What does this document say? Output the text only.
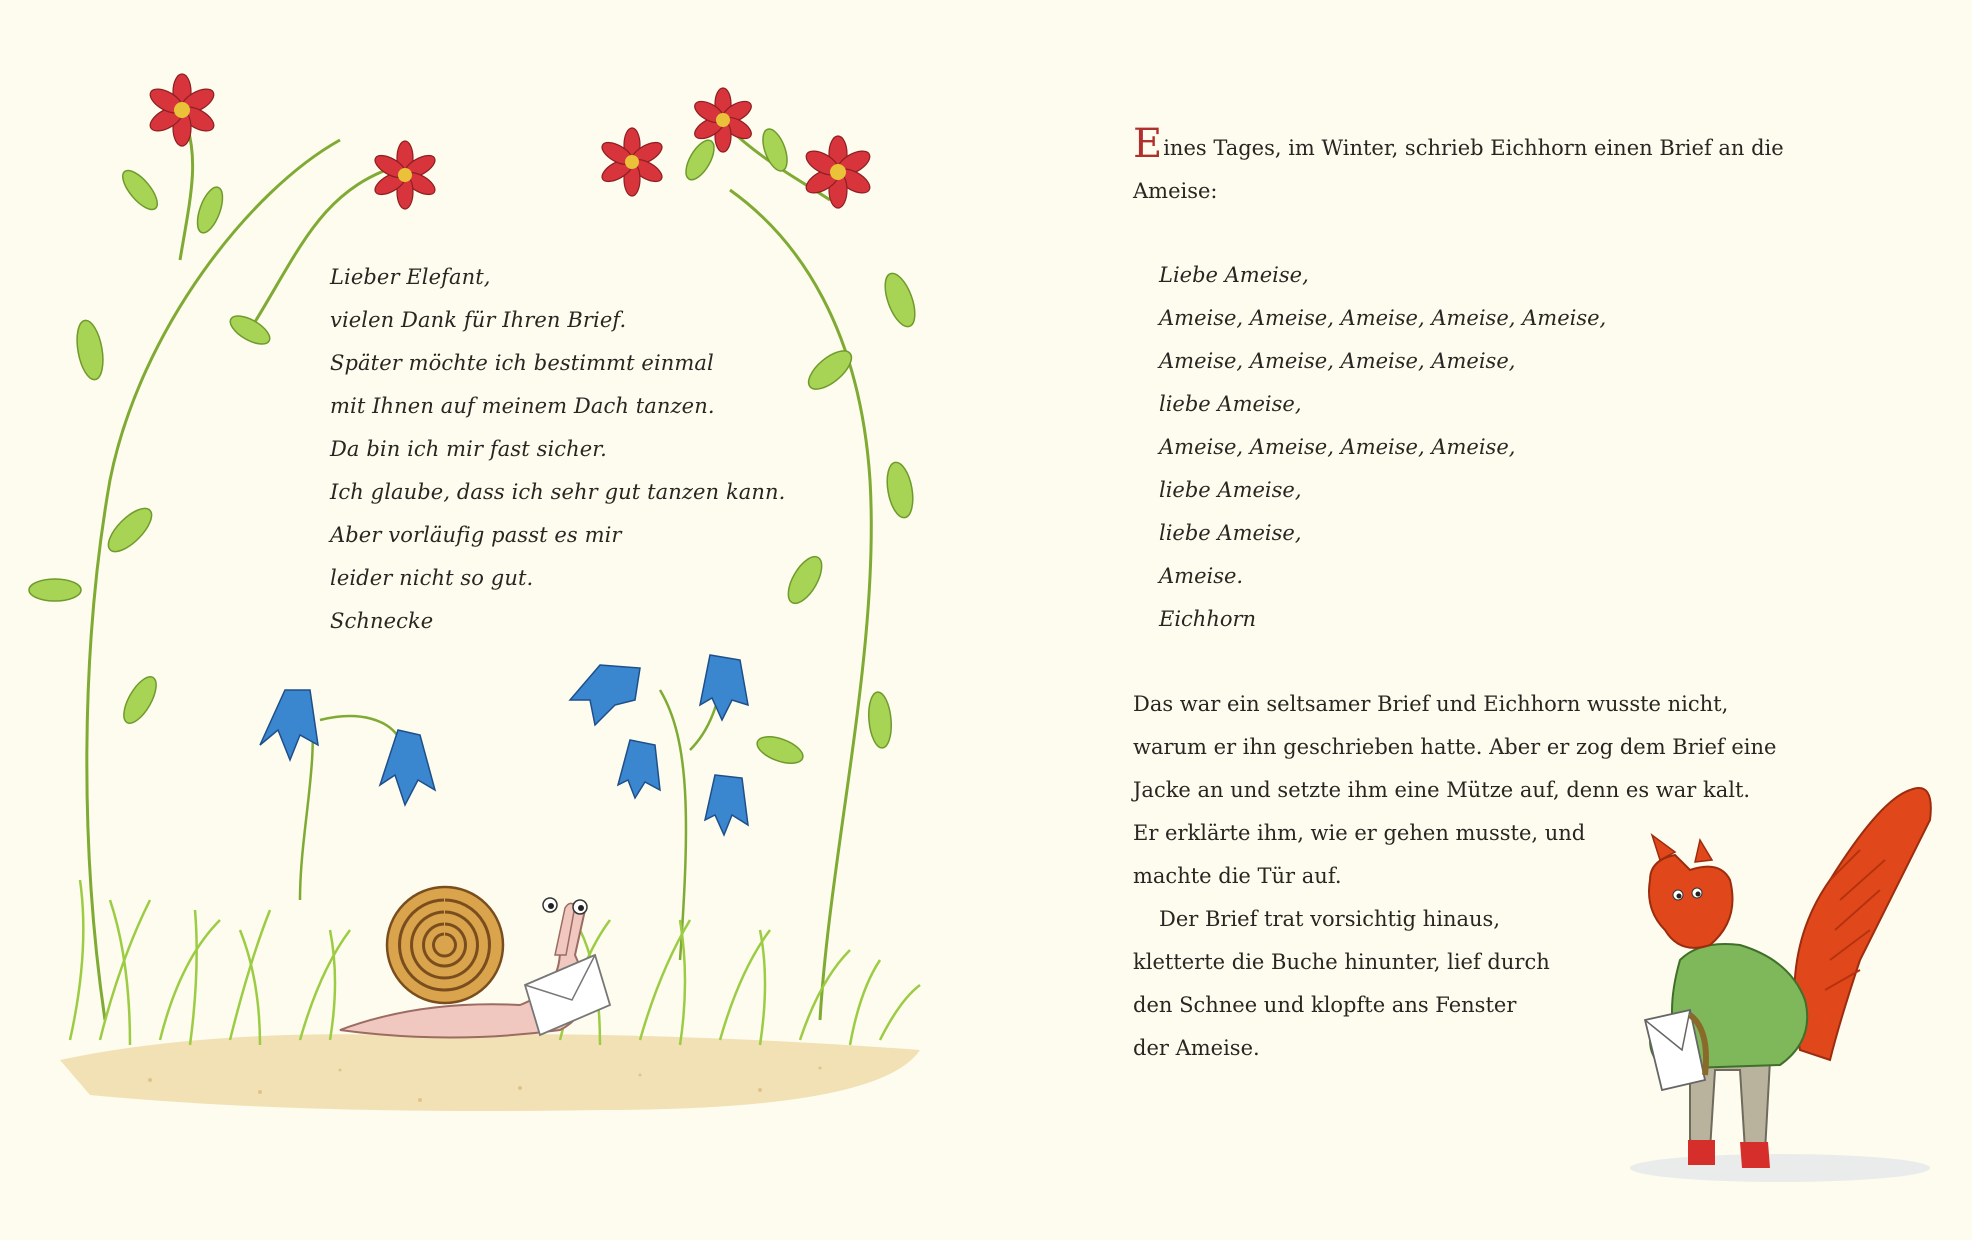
Lieber Elefant,
vielen Dank für Ihren Brief.
Später möchte ich bestimmt einmal
mit Ihnen auf meinem Dach tanzen.
Da bin ich mir fast sicher.
Ich glaube, dass ich sehr gut tanzen kann.
Aber vorläufig passt es mir
leider nicht so gut.
Schnecke
Eines Tages, im Winter, schrieb Eichhorn einen Brief an die
Ameise:
Liebe Ameise,
Ameise, Ameise, Ameise, Ameise, Ameise,
Ameise, Ameise, Ameise, Ameise,
liebe Ameise,
Ameise, Ameise, Ameise, Ameise,
liebe Ameise,
liebe Ameise,
Ameise.
Eichhorn
Das war ein seltsamer Brief und Eichhorn wusste nicht,
warum er ihn geschrieben hatte. Aber er zog dem Brief eine
Jacke an und setzte ihm eine Mütze auf, denn es war kalt.
Er erklärte ihm, wie er gehen musste, und
machte die Tür auf.
Der Brief trat vorsichtig hinaus,
kletterte die Buche hinunter, lief durch
den Schnee und klopfte ans Fenster
der Ameise.
